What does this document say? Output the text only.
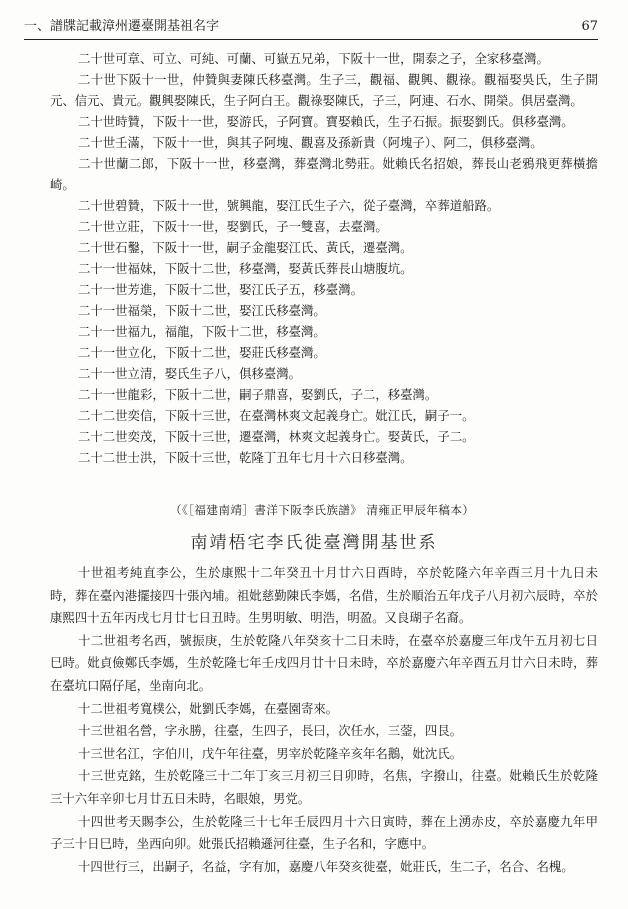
一、譜牒記載漳州遷臺開基祖名字	67

二十世可章、可立、可純、可蘭、可嶽五兄弟，下阪十一世，開泰之子，全家移臺灣。

二十世下阪十一世，仲贊與妻陳氏移臺灣。生子三，觀福、觀興、觀祿。觀福娶吳氏，生子開元、信元、貴元。觀興娶陳氏，生子阿白王。觀祿娶陳氏，子三，阿連、石水、開榮。俱居臺灣。

二十世時贊，下阪十一世，娶游氏，子阿寶。寶娶賴氏，生子石振。振娶劉氏。俱移臺灣。

二十世壬滿，下阪十一世，與其子阿塊、觀喜及孫新貴（阿塊子）、阿二，俱移臺灣。

二十世蘭二郎，下阪十一世，移臺灣，葬臺灣北勢莊。妣賴氏名招娘，葬長山老鴉飛更葬橫擔崎。

二十世碧贊，下阪十一世，號興龍，娶江氏生子六，從子臺灣，卒葬道船路。

二十世立莊，下阪十一世，娶劉氏，子一雙喜，去臺灣。

二十世石鑿，下阪十一世，嗣子金龍娶江氏、黃氏，遷臺灣。

二十一世福妹，下阪十二世，移臺灣，娶黃氏葬長山塘腹坑。

二十一世芳進，下阪十二世，娶江氏子五，移臺灣。

二十一世福榮，下阪十二世，娶江氏移臺灣。

二十一世福九，福龍，下阪十二世，移臺灣。

二十一世立化，下阪十二世，娶莊氏移臺灣。

二十一世立清，娶氏生子八，俱移臺灣。

二十一世龍彩，下阪十二世，嗣子鼎喜，娶劉氏，子二，移臺灣。

二十二世奕信，下阪十三世，在臺灣林爽文起義身亡。妣江氏，嗣子一。

二十二世奕茂，下阪十三世，遷臺灣，林爽文起義身亡。娶黃氏，子二。

二十二世士洪，下阪十三世，乾隆丁丑年七月十六日移臺灣。

（《［福建南靖］書洋下阪李氏族譜》 清雍正甲辰年稿本）
南靖梧宅李氏徙臺灣開基世系

十世祖考純直李公，生於康熙十二年癸丑十月廿六日酉時，卒於乾隆六年辛酉三月十九日未時，葬在臺內港擺接四十張內埔。祖妣慈勤陳氏李媽，名借，生於順治五年戊子八月初六辰時，卒於康熙四十五年丙戌七月廿七日丑時。生男明敏、明浩，明盈。又良瑚子名裔。

十二世祖考名西，號振庚，生於乾隆八年癸亥十二日未時，在臺卒於嘉慶三年戊午五月初七日巳時。妣貞儉鄭氏李媽，生於乾隆七年壬戌四月廿十日未時，卒於嘉慶六年辛酉五月廿六日未時，葬在臺坑口隔仔尾，坐南向北。

十二世祖考寬樸公，妣劉氏李媽，在臺園寄來。

十三世祖名營，字永勝，往臺，生四子，長曰，次任水，三蓥，四艮。

十三世名江，字伯川，戊午年往臺，男宰於乾隆辛亥年名鵝，妣沈氏。

十三世克銘，生於乾隆三十二年丁亥三月初三日卯時，名焦，字撥山，往臺。妣賴氏生於乾隆三十六年辛卯七月廿五日未時，名眼娘，男党。

十四世考天賜李公，生於乾隆三十七年壬辰四月十六日寅時，葬在上湧赤皮，卒於嘉慶九年甲子三十日巳時，坐西向卯。妣張氏招賴遜河往臺，生子名和，字應中。

十四世行三，出嗣子，名益，字有加，嘉慶八年癸亥徙臺，妣莊氏，生二子，名合、名槐。
